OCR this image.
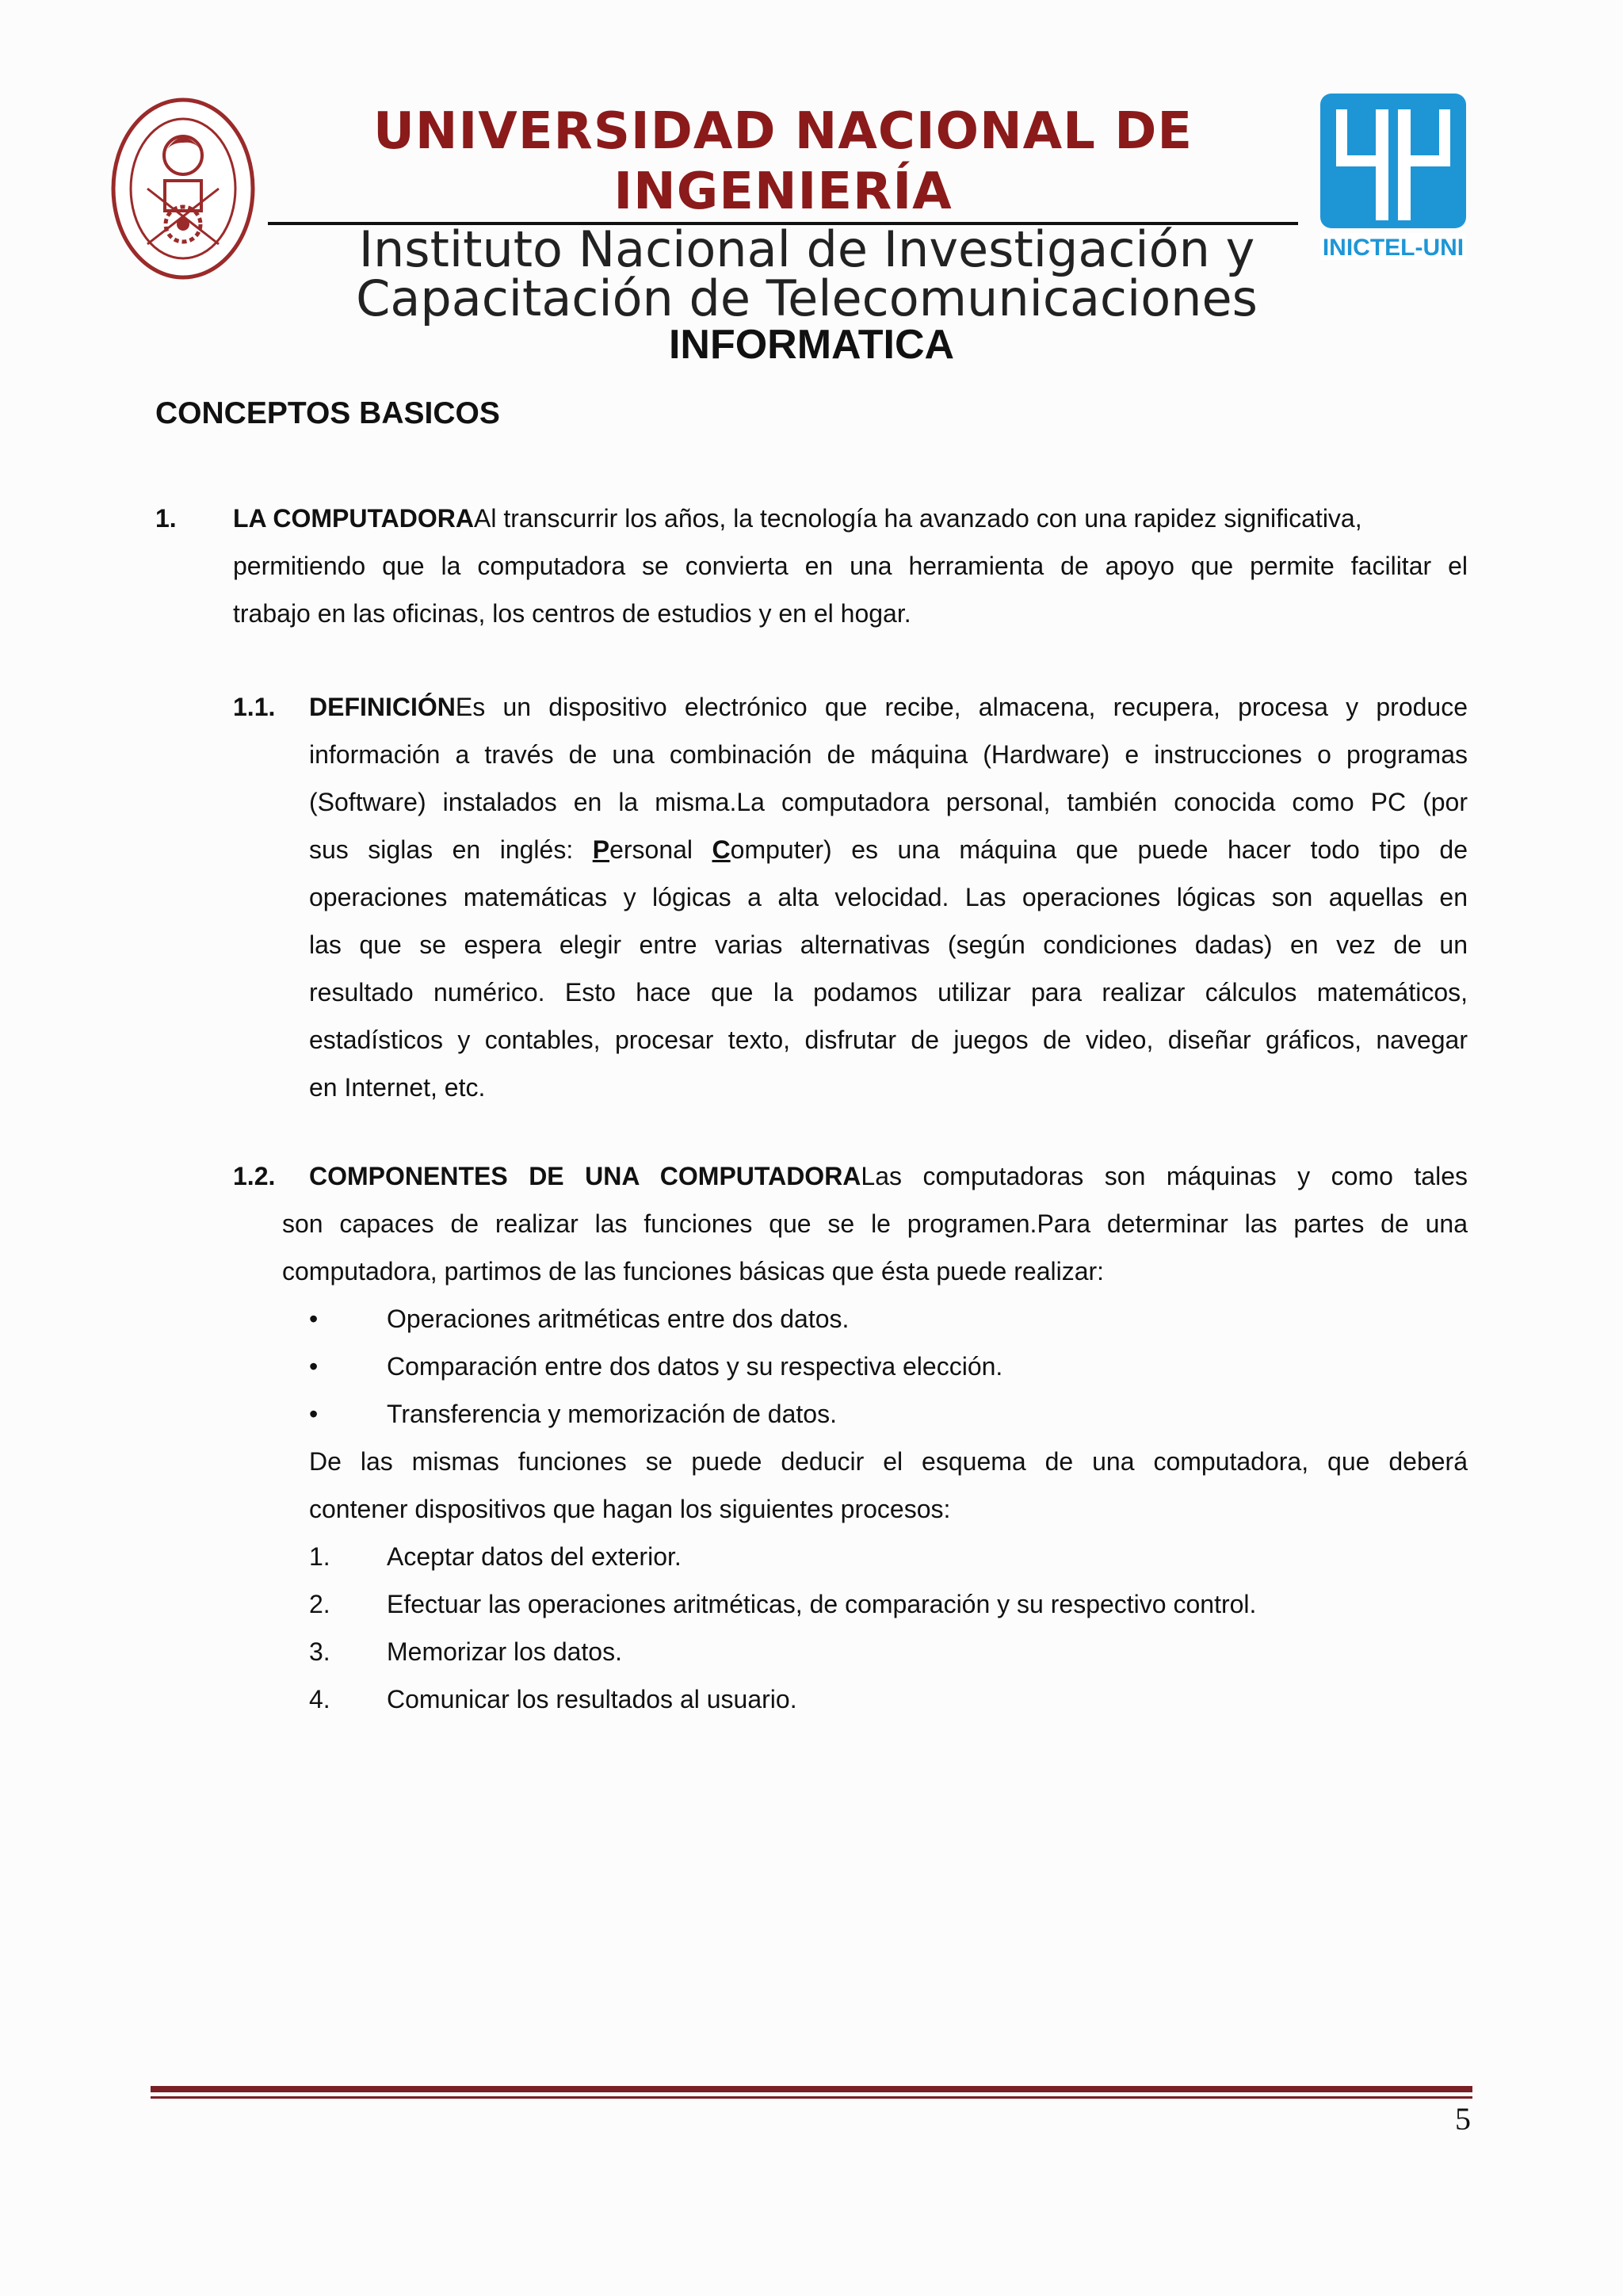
UNIVERSIDAD NACIONAL DE INGENIERÍA
Instituto Nacional de Investigación y
Capacitación de Telecomunicaciones
INICTEL-UNI
INFORMATICA
CONCEPTOS BASICOS
1. LA COMPUTADORAAl transcurrir los años, la tecnología ha avanzado con una rapidez significativa,
permitiendo que la computadora se convierta en una herramienta de apoyo que permite facilitar el
trabajo en las oficinas, los centros de estudios y en el hogar.
1.1. DEFINICIÓNEs un dispositivo electrónico que recibe, almacena, recupera, procesa y produce
información a través de una combinación de máquina (Hardware) e instrucciones o programas
(Software) instalados en la misma.La computadora personal, también conocida como PC (por
sus siglas en inglés: Personal Computer) es una máquina que puede hacer todo tipo de
operaciones matemáticas y lógicas a alta velocidad. Las operaciones lógicas son aquellas en
las que se espera elegir entre varias alternativas (según condiciones dadas) en vez de un
resultado numérico. Esto hace que la podamos utilizar para realizar cálculos matemáticos,
estadísticos y contables, procesar texto, disfrutar de juegos de video, diseñar gráficos, navegar
en Internet, etc.
1.2. COMPONENTES DE UNA COMPUTADORALas computadoras son máquinas y como tales
son capaces de realizar las funciones que se le programen.Para determinar las partes de una
computadora, partimos de las funciones básicas que ésta puede realizar:
•	Operaciones aritméticas entre dos datos.
•	Comparación entre dos datos y su respectiva elección.
•	Transferencia y memorización de datos.
De las mismas funciones se puede deducir el esquema de una computadora, que deberá
contener dispositivos que hagan los siguientes procesos:
1. Aceptar datos del exterior.
2. Efectuar las operaciones aritméticas, de comparación y su respectivo control.
3. Memorizar los datos.
4. Comunicar los resultados al usuario.
5
